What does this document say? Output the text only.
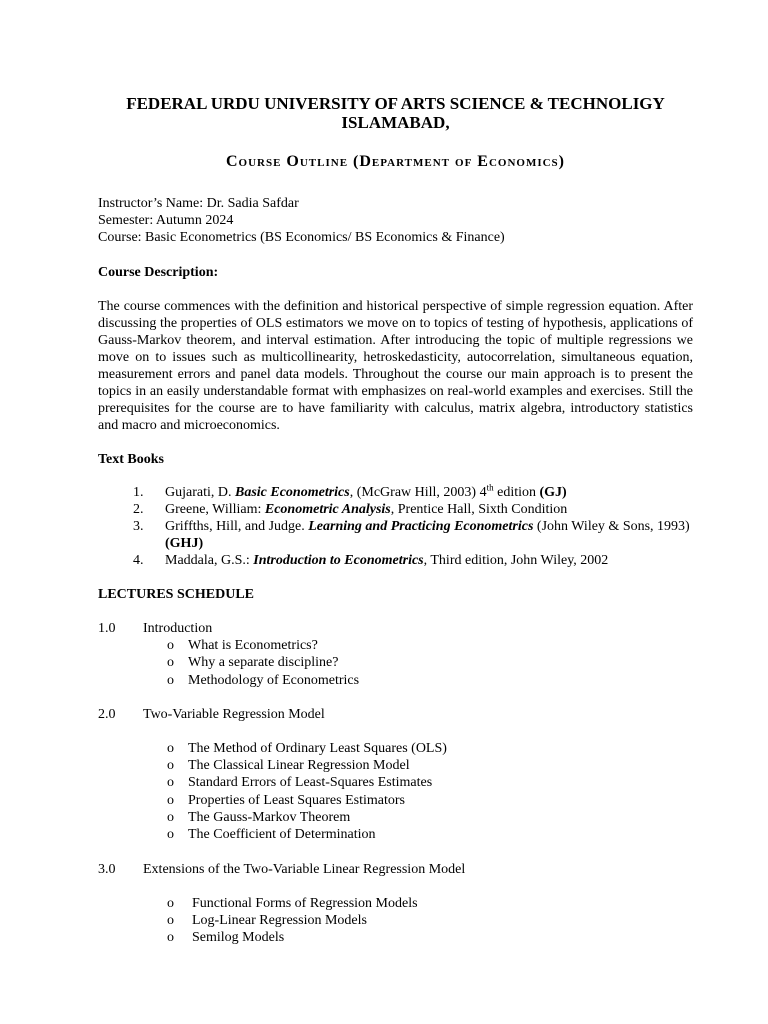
FEDERAL URDU UNIVERSITY OF ARTS SCIENCE & TECHNOLIGY
ISLAMABAD,
Course Outline (Department of Economics)
Instructor’s Name: Dr. Sadia Safdar
Semester: Autumn 2024
Course: Basic Econometrics (BS Economics/ BS Economics & Finance)
Course Description:
The course commences with the definition and historical perspective of simple regression equation. After discussing the properties of OLS estimators we move on to topics of testing of hypothesis, applications of Gauss-Markov theorem, and interval estimation. After introducing the topic of multiple regressions we move on to issues such as multicollinearity, hetroskedasticity, autocorrelation, simultaneous equation, measurement errors and panel data models. Throughout the course our main approach is to present the topics in an easily understandable format with emphasizes on real-world examples and exercises. Still the prerequisites for the course are to have familiarity with calculus, matrix algebra, introductory statistics and macro and microeconomics.
Text Books
1.	Gujarati, D. Basic Econometrics, (McGraw Hill, 2003) 4th edition (GJ)
2.	Greene, William: Econometric Analysis, Prentice Hall, Sixth Condition
3.	Griffths, Hill, and Judge. Learning and Practicing Econometrics (John Wiley & Sons, 1993) (GHJ)
4.	Maddala, G.S.: Introduction to Econometrics, Third edition, John Wiley, 2002
LECTURES SCHEDULE
1.0	Introduction
o	What is Econometrics?
o	Why a separate discipline?
o	Methodology of Econometrics
2.0	Two-Variable Regression Model
o	The Method of Ordinary Least Squares (OLS)
o	The Classical Linear Regression Model
o	Standard Errors of Least-Squares Estimates
o	Properties of Least Squares Estimators
o	The Gauss-Markov Theorem
o	The Coefficient of Determination
3.0	Extensions of the Two-Variable Linear Regression Model
o	Functional Forms of Regression Models
o	Log-Linear Regression Models
o	Semilog Models
